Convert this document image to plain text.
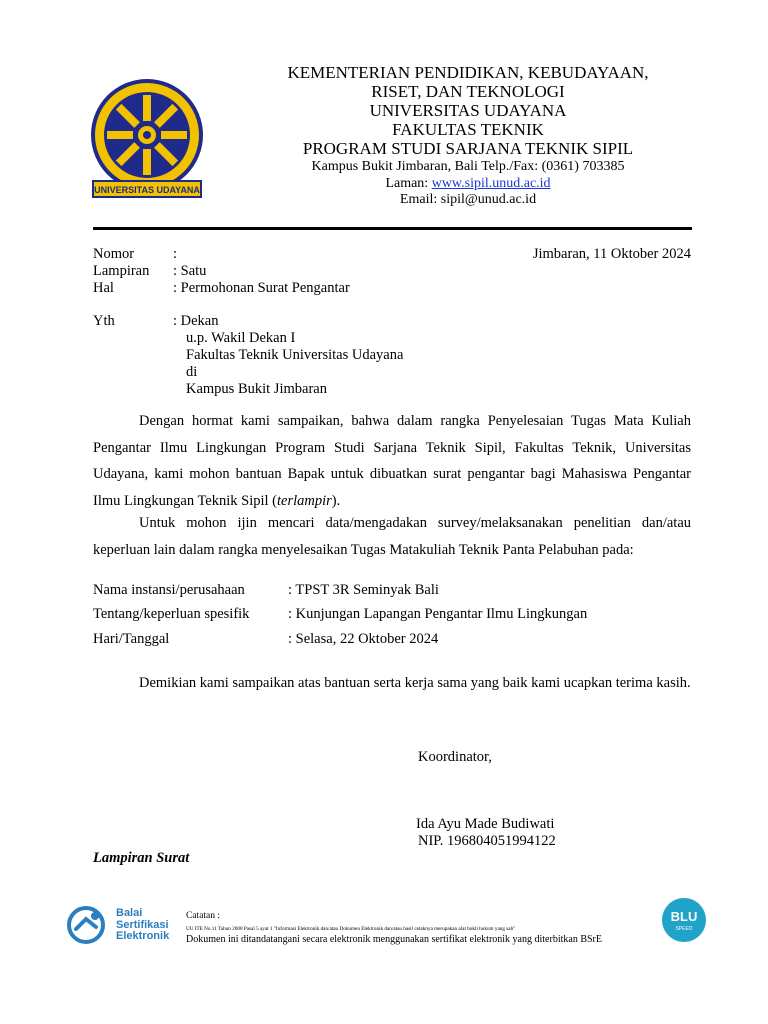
UNIVERSITAS UDAYANA
KEMENTERIAN PENDIDIKAN, KEBUDAYAAN,
RISET, DAN TEKNOLOGI
UNIVERSITAS UDAYANA
FAKULTAS TEKNIK
PROGRAM STUDI SARJANA TEKNIK SIPIL
Kampus Bukit Jimbaran, Bali Telp./Fax: (0361) 703385
Laman: www.sipil.unud.ac.id
Email: sipil@unud.ac.id
Nomor	:	Jimbaran, 11 Oktober 2024
Lampiran : Satu
Hal	: Permohonan Surat Pengantar
Yth	: Dekan
u.p. Wakil Dekan I
Fakultas Teknik Universitas Udayana
di
Kampus Bukit Jimbaran
Dengan hormat kami sampaikan, bahwa dalam rangka Penyelesaian Tugas Mata Kuliah Pengantar Ilmu Lingkungan Program Studi Sarjana Teknik Sipil, Fakultas Teknik, Universitas Udayana, kami mohon bantuan Bapak untuk dibuatkan surat pengantar bagi Mahasiswa Pengantar Ilmu Lingkungan Teknik Sipil (terlampir).
Untuk mohon ijin mencari data/mengadakan survey/melaksanakan penelitian dan/atau keperluan lain dalam rangka menyelesaikan Tugas Matakuliah Teknik Panta Pelabuhan pada:
Nama instansi/perusahaan	: TPST 3R Seminyak Bali
Tentang/keperluan spesifik	: Kunjungan Lapangan Pengantar Ilmu Lingkungan
Hari/Tanggal	: Selasa, 22 Oktober 2024
Demikian kami sampaikan atas bantuan serta kerja sama yang baik kami ucapkan terima kasih.
Koordinator,
Ida Ayu Made Budiwati
NIP. 196804051994122
Lampiran Surat
Balai
Sertifikasi
Elektronik
Catatan :
UU ITE No.11 Tahun 2008 Pasal 5 ayat 1 "Informasi Elektronik dan/atau Dokumen Elektronik dan/atau hasil cetaknya merupakan alat bukti hukum yang sah"
Dokumen ini ditandatangani secara elektronik menggunakan sertifikat elektronik yang diterbitkan BSrE
BLU
SPEED
